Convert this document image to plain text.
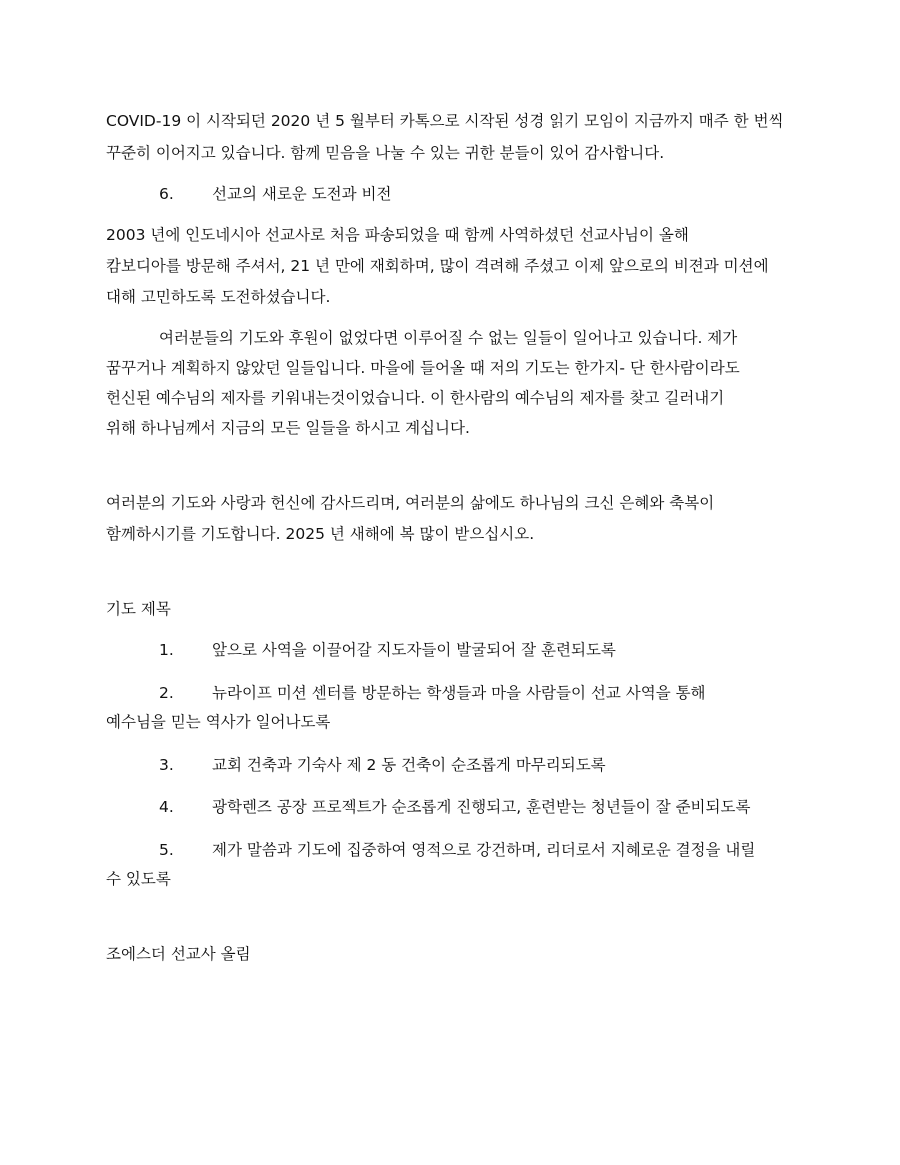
COVID-19 이 시작되던 2020 년 5 월부터 카톡으로 시작된 성경 읽기 모임이 지금까지 매주 한 번씩
꾸준히 이어지고 있습니다. 함께 믿음을 나눌 수 있는 귀한 분들이 있어 감사합니다.
6. 선교의 새로운 도전과 비전
2003 년에 인도네시아 선교사로 처음 파송되었을 때 함께 사역하셨던 선교사님이 올해
캄보디아를 방문해 주셔서, 21 년 만에 재회하며, 많이 격려해 주셨고 이제 앞으로의 비젼과 미션에
대해 고민하도록 도전하셨습니다.
여러분들의 기도와 후원이 없었다면 이루어질 수 없는 일들이 일어나고 있습니다. 제가
꿈꾸거나 계획하지 않았던 일들입니다. 마을에 들어올 때 저의 기도는 한가지- 단 한사람이라도
헌신된 예수님의 제자를 키워내는것이었습니다. 이 한사람의 예수님의 제자를 찾고 길러내기
위해 하나님께서 지금의 모든 일들을 하시고 계십니다.
여러분의 기도와 사랑과 헌신에 감사드리며, 여러분의 삶에도 하나님의 크신 은혜와 축복이
함께하시기를 기도합니다. 2025 년 새해에 복 많이 받으십시오.
기도 제목
1. 앞으로 사역을 이끌어갈 지도자들이 발굴되어 잘 훈련되도록
2. 뉴라이프 미션 센터를 방문하는 학생들과 마을 사람들이 선교 사역을 통해
예수님을 믿는 역사가 일어나도록
3. 교회 건축과 기숙사 제 2 동 건축이 순조롭게 마무리되도록
4. 광학렌즈 공장 프로젝트가 순조롭게 진행되고, 훈련받는 청년들이 잘 준비되도록
5. 제가 말씀과 기도에 집중하여 영적으로 강건하며, 리더로서 지혜로운 결정을 내릴
수 있도록
조에스더 선교사 올림
